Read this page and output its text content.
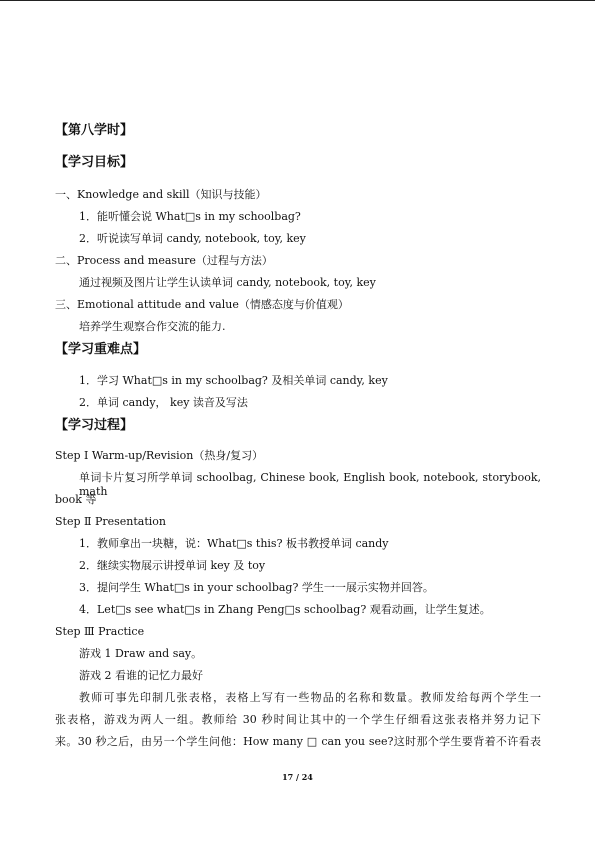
【第八学时】
【学习目标】
一、Knowledge and skill（知识与技能）
1．能听懂会说 What□s in my schoolbag?
2．听说读写单词 candy, notebook, toy, key
二、Process and measure（过程与方法）
通过视频及图片让学生认读单词 candy, notebook, toy, key
三、Emotional attitude and value（情感态度与价值观）
培养学生观察合作交流的能力.
【学习重难点】
1．学习 What□s in my schoolbag? 及相关单词 candy, key
2．单词 candy， key 读音及写法
【学习过程】
Step Ⅰ Warm-up/Revision（热身/复习）
单词卡片复习所学单词 schoolbag, Chinese book, English book, notebook, storybook, math
book 等
Step Ⅱ Presentation
1．教师拿出一块糖，说：What□s this? 板书教授单词 candy
2．继续实物展示讲授单词 key 及 toy
3．提问学生 What□s in your schoolbag? 学生一一展示实物并回答。
4．Let□s see what□s in Zhang Peng□s schoolbag? 观看动画，让学生复述。
Step Ⅲ Practice
游戏 1 Draw and say。
游戏 2 看谁的记忆力最好
教师可事先印制几张表格，表格上写有一些物品的名称和数量。教师发给每两个学生一
张表格，游戏为两人一组。教师给 30 秒时间让其中的一个学生仔细看这张表格并努力记下
来。30 秒之后，由另一个学生问他：How many □ can you see?这时那个学生要背着不许看表
17 / 24
